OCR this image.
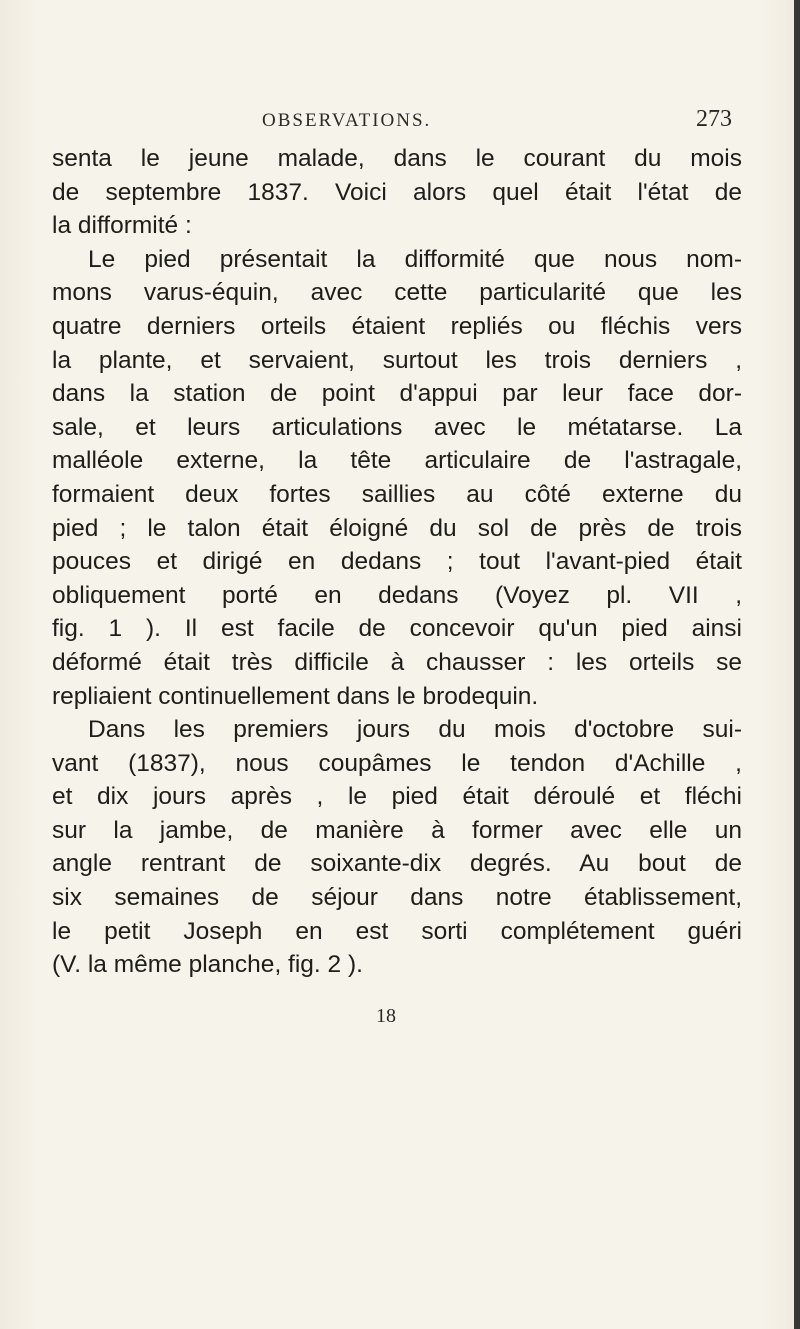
OBSERVATIONS.	273
senta le jeune malade, dans le courant du mois
de septembre 1837. Voici alors quel était l'état de
la difformité :
Le pied présentait la difformité que nous nom-
mons varus-équin, avec cette particularité que les
quatre derniers orteils étaient repliés ou fléchis vers
la plante, et servaient, surtout les trois derniers ,
dans la station de point d'appui par leur face dor-
sale, et leurs articulations avec le métatarse. La
malléole externe, la tête articulaire de l'astragale,
formaient deux fortes saillies au côté externe du
pied ; le talon était éloigné du sol de près de trois
pouces et dirigé en dedans ; tout l'avant-pied était
obliquement porté en dedans (Voyez pl. VII ,
fig. 1 ). Il est facile de concevoir qu'un pied ainsi
déformé était très difficile à chausser : les orteils se
repliaient continuellement dans le brodequin.
Dans les premiers jours du mois d'octobre sui-
vant (1837), nous coupâmes le tendon d'Achille ,
et dix jours après , le pied était déroulé et fléchi
sur la jambe, de manière à former avec elle un
angle rentrant de soixante-dix degrés. Au bout de
six semaines de séjour dans notre établissement,
le petit Joseph en est sorti complétement guéri
(V. la même planche, fig. 2 ).
18
